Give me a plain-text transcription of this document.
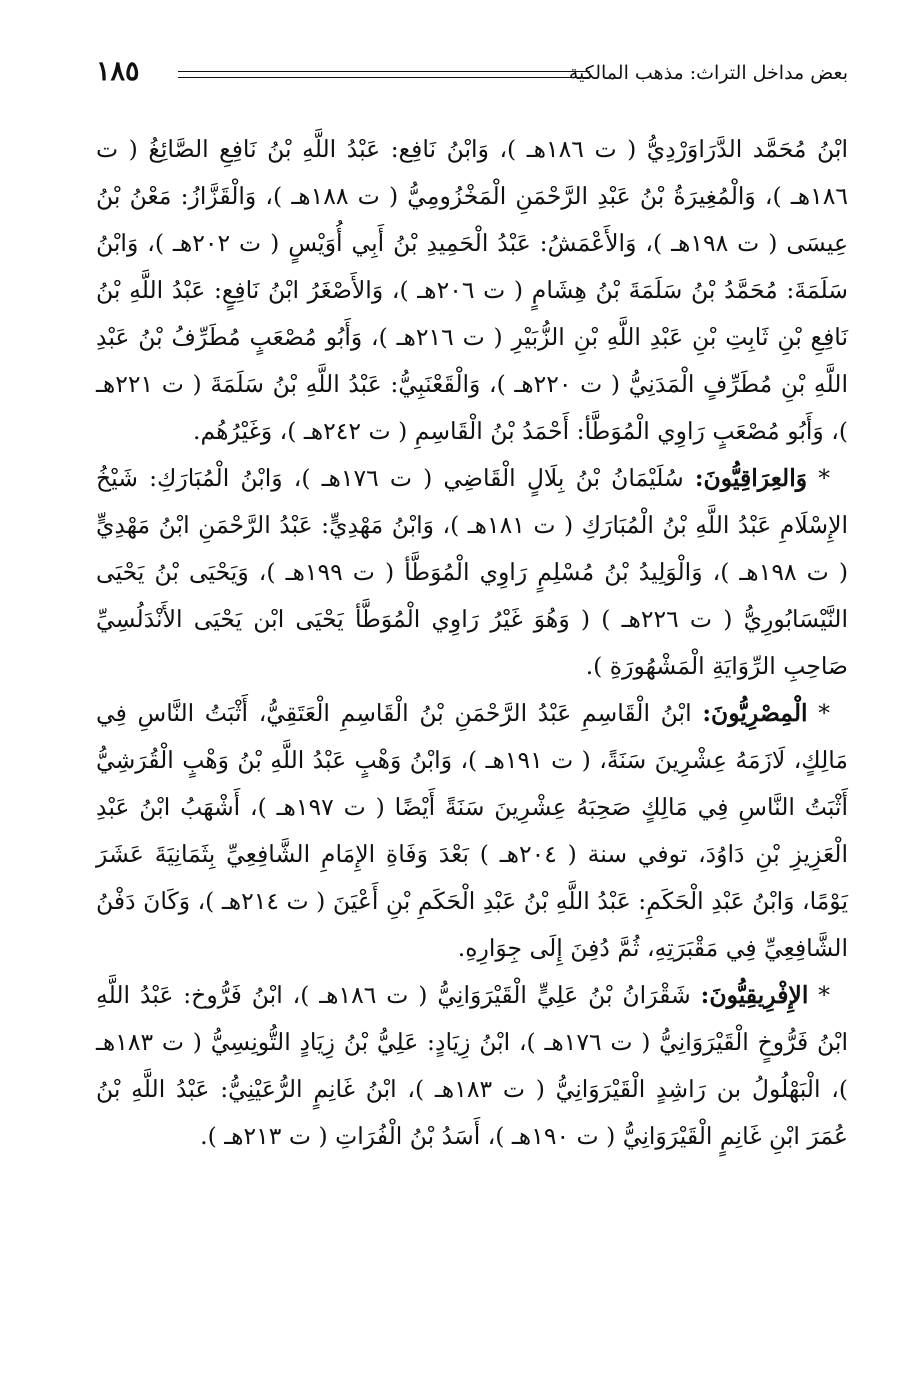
بعض مداخل التراث: مذهب المالكية
١٨٥

ابْنُ مُحَمَّد الدَّرَاوَرْدِيُّ ( ت ١٨٦هـ )، وَابْنُ نَافِع: عَبْدُ اللَّهِ بْنُ نَافِعِ الصَّائِغُ ( ت ١٨٦هـ )، وَالْمُغِيرَةُ بْنُ عَبْدِ الرَّحْمَنِ الْمَخْزُومِيُّ ( ت ١٨٨هـ )، وَالْقَزَّازُ: مَعْنُ بْنُ عِيسَى ( ت ١٩٨هـ )، وَالأَعْمَشُ: عَبْدُ الْحَمِيدِ بْنُ أَبِي أُوَيْسٍ ( ت ٢٠٢هـ )، وَابْنُ سَلَمَةَ: مُحَمَّدُ بْنُ سَلَمَةَ بْنُ هِشَامٍ ( ت ٢٠٦هـ )، وَالأَصْغَرُ ابْنُ نَافِعٍ: عَبْدُ اللَّهِ بْنُ نَافِعِ بْنِ ثَابِتِ بْنِ عَبْدِ اللَّهِ بْنِ الزُّبَيْرِ ( ت ٢١٦هـ )، وَأَبُو مُصْعَبٍ مُطَرِّفُ بْنُ عَبْدِ اللَّهِ بْنِ مُطَرِّفٍ الْمَدَنِيُّ ( ت ٢٢٠هـ )، وَالْقَعْنَبِيُّ: عَبْدُ اللَّهِ بْنُ سَلَمَةَ ( ت ٢٢١هـ )، وَأَبُو مُصْعَبٍ رَاوِي الْمُوَطَّأ: أَحْمَدُ بْنُ الْقَاسِمِ ( ت ٢٤٢هـ )، وَغَيْرُهُم.

* وَالعِرَاقِيُّونَ: سُلَيْمَانُ بْنُ بِلَالٍ الْقَاضِي ( ت ١٧٦هـ )، وَابْنُ الْمُبَارَكِ: شَيْخُ الإِسْلَامِ عَبْدُ اللَّهِ بْنُ الْمُبَارَكِ ( ت ١٨١هـ )، وَابْنُ مَهْدِيٍّ: عَبْدُ الرَّحْمَنِ ابْنُ مَهْدِيٍّ ( ت ١٩٨هـ )، وَالْوَلِيدُ بْنُ مُسْلِمٍ رَاوِي الْمُوَطَّأ ( ت ١٩٩هـ )، وَيَحْيَى بْنُ يَحْيَى النَّيْسَابُورِيُّ ( ت ٢٢٦هـ ) ( وَهُوَ غَيْرُ رَاوِي الْمُوَطَّأ يَحْيَى ابْن يَحْيَى الأَنْدَلُسِيِّ صَاحِبِ الرِّوَايَةِ الْمَشْهُورَةِ ).

* الْمِصْرِيُّونَ: ابْنُ الْقَاسِمِ عَبْدُ الرَّحْمَنِ بْنُ الْقَاسِمِ الْعَتَقِيُّ، أَثْبَتُ النَّاسِ فِي مَالِكٍ، لَازَمَهُ عِشْرِينَ سَنَةً، ( ت ١٩١هـ )، وَابْنُ وَهْبٍ عَبْدُ اللَّهِ بْنُ وَهْبٍ الْقُرَشِيُّ أَثْبَتُ النَّاسِ فِي مَالِكٍ صَحِبَهُ عِشْرِينَ سَنَةً أَيْضًا ( ت ١٩٧هـ )، أَشْهَبُ ابْنُ عَبْدِ الْعَزِيزِ بْنِ دَاوُدَ، توفي سنة ( ٢٠٤هـ ) بَعْدَ وَفَاةِ الإِمَامِ الشَّافِعِيِّ بِثَمَانِيَةَ عَشَرَ يَوْمًا، وَابْنُ عَبْدِ الْحَكَمِ: عَبْدُ اللَّهِ بْنُ عَبْدِ الْحَكَمِ بْنِ أَعْيَنَ ( ت ٢١٤هـ )، وَكَانَ دَفْنُ الشَّافِعِيِّ فِي مَقْبَرَتِهِ، ثُمَّ دُفِنَ إِلَى جِوَارِهِ.

* الإِفْرِيقِيُّونَ: شَقْرَانُ بْنُ عَلِيٍّ الْقَيْرَوَانِيُّ ( ت ١٨٦هـ )، ابْنُ فَرُّوخ: عَبْدُ اللَّهِ ابْنُ فَرُّوخٍ الْقَيْرَوَانِيُّ ( ت ١٧٦هـ )، ابْنُ زِيَادٍ: عَلِيُّ بْنُ زِيَادٍ التُّونِسِيُّ ( ت ١٨٣هـ )، الْبَهْلُولُ بن رَاشِدٍ الْقَيْرَوَانِيُّ ( ت ١٨٣هـ )، ابْنُ غَانِمٍ الرُّعَيْنِيُّ: عَبْدُ اللَّهِ بْنُ عُمَرَ ابْنِ غَانِمٍ الْقَيْرَوَانِيُّ ( ت ١٩٠هـ )، أَسَدُ بْنُ الْفُرَاتِ ( ت ٢١٣هـ ).
